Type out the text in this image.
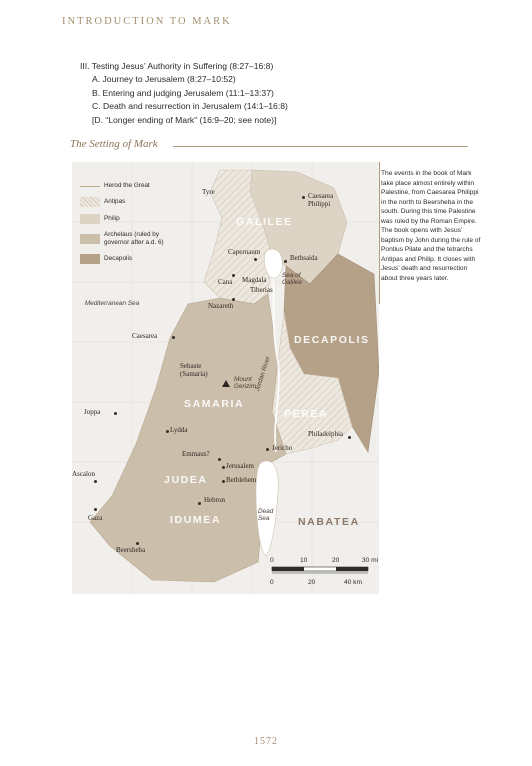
INTRODUCTION TO MARK
III. Testing Jesus’ Authority in Suffering (8:27–16:8)
A. Journey to Jerusalem (8:27–10:52)
B. Entering and judging Jerusalem (11:1–13:37)
C. Death and resurrection in Jerusalem (14:1–16:8)
[D. “Longer ending of Mark” (16:9–20; see note)]
The Setting of Mark
Herod the Great
Antipas
Philip
Archelaus (ruled by governor after a.d. 6)
Decapolis
GALILEE
DECAPOLIS
SAMARIA
PEREA
JUDEA
IDUMEA	NABATEA
Tyre	Caesarea Philippi
Capernaum
Bethsaida
Cana Magdala
Tiberias
Sea of Galilee
Nazareth
Mediterranean Sea
Caesarea
Sebaste (Samaria)
Mount Gerizim
Jordan River
Joppa
Lydda	Philadelphia
Emmaus?
Jericho
Jerusalem
Bethlehem
Ascalon
Hebron
Dead Sea
Gaza
Beersheba
0	10	20	30 mi
0	20	40 km
The events in the book of Mark take place almost entirely within Palestine, from Caesarea Philippi in the north to Beersheba in the south. During this time Palestine was ruled by the Roman Empire. The book opens with Jesus’ baptism by John during the rule of Pontius Pilate and the tetrarchs Antipas and Philip. It closes with Jesus’ death and resurrection about three years later.
1572
